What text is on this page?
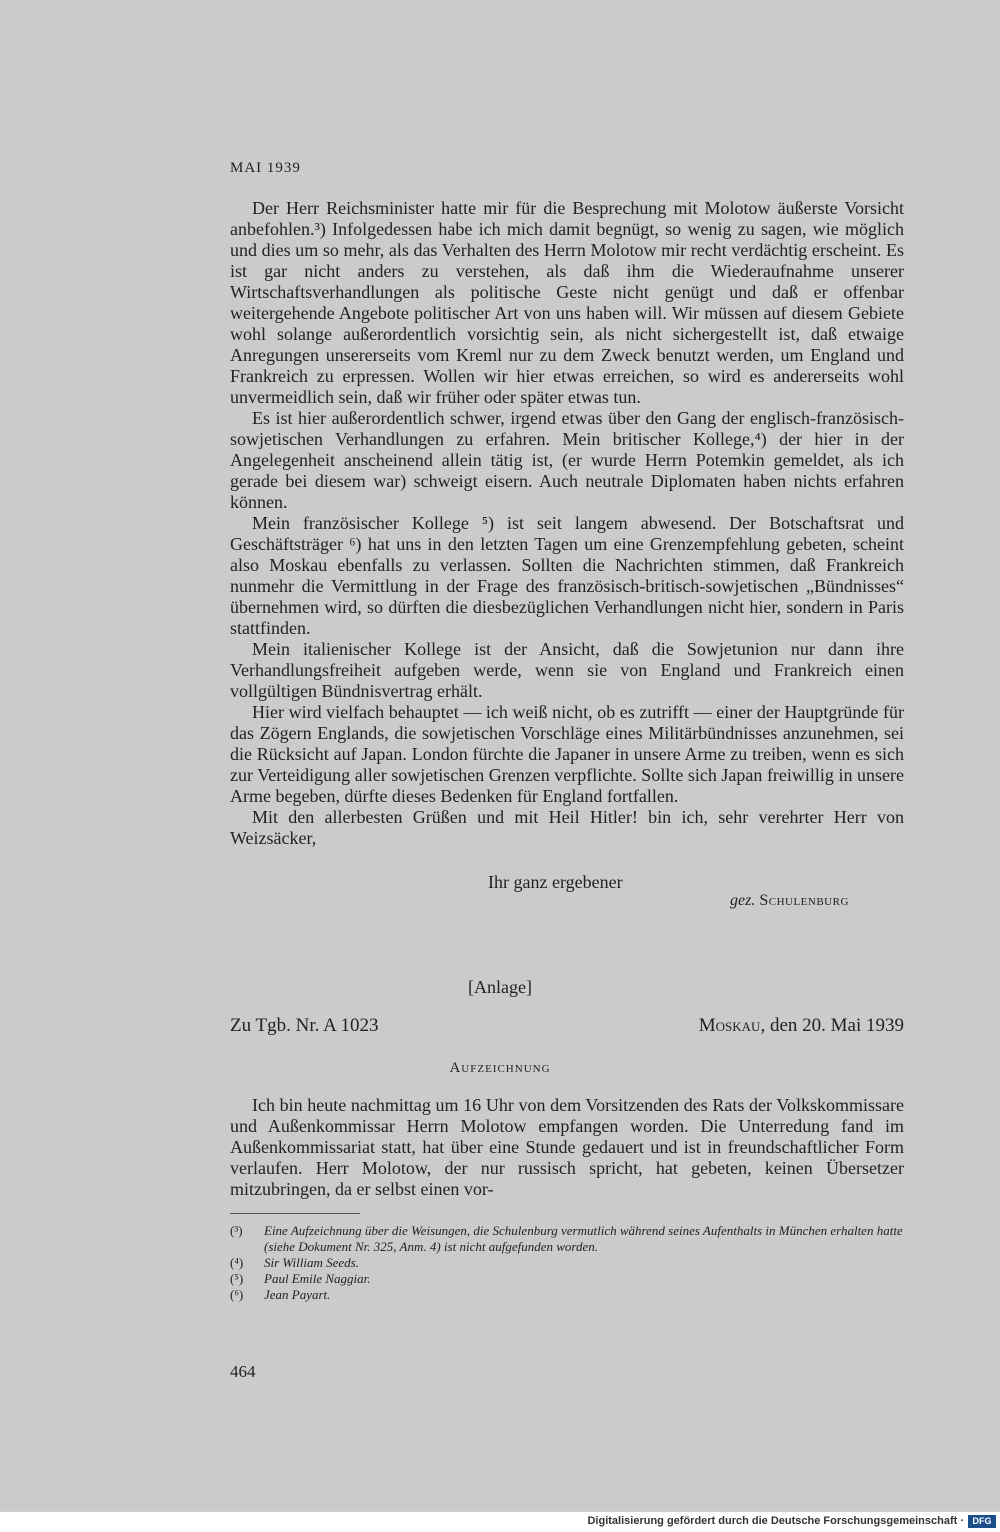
MAI 1939

Der Herr Reichsminister hatte mir für die Besprechung mit Molotow äußerste Vorsicht anbefohlen.³) Infolgedessen habe ich mich damit begnügt, so wenig zu sagen, wie möglich und dies um so mehr, als das Verhalten des Herrn Molotow mir recht verdächtig erscheint. Es ist gar nicht anders zu verstehen, als daß ihm die Wiederaufnahme unserer Wirtschaftsverhandlungen als politische Geste nicht genügt und daß er offenbar weitergehende Angebote politischer Art von uns haben will. Wir müssen auf diesem Gebiete wohl solange außerordentlich vorsichtig sein, als nicht sichergestellt ist, daß etwaige Anregungen unsererseits vom Kreml nur zu dem Zweck benutzt werden, um England und Frankreich zu erpressen. Wollen wir hier etwas erreichen, so wird es andererseits wohl unvermeidlich sein, daß wir früher oder später etwas tun.

Es ist hier außerordentlich schwer, irgend etwas über den Gang der englisch-französisch-sowjetischen Verhandlungen zu erfahren. Mein britischer Kollege,⁴) der hier in der Angelegenheit anscheinend allein tätig ist, (er wurde Herrn Potemkin gemeldet, als ich gerade bei diesem war) schweigt eisern. Auch neutrale Diplomaten haben nichts erfahren können.

Mein französischer Kollege ⁵) ist seit langem abwesend. Der Botschaftsrat und Geschäftsträger ⁶) hat uns in den letzten Tagen um eine Grenzempfehlung gebeten, scheint also Moskau ebenfalls zu verlassen. Sollten die Nachrichten stimmen, daß Frankreich nunmehr die Vermittlung in der Frage des französisch-britisch-sowjetischen „Bündnisses“ übernehmen wird, so dürften die diesbezüglichen Verhandlungen nicht hier, sondern in Paris stattfinden.

Mein italienischer Kollege ist der Ansicht, daß die Sowjetunion nur dann ihre Verhandlungsfreiheit aufgeben werde, wenn sie von England und Frankreich einen vollgültigen Bündnisvertrag erhält.

Hier wird vielfach behauptet — ich weiß nicht, ob es zutrifft — einer der Hauptgründe für das Zögern Englands, die sowjetischen Vorschläge eines Militärbündnisses anzunehmen, sei die Rücksicht auf Japan. London fürchte die Japaner in unsere Arme zu treiben, wenn es sich zur Verteidigung aller sowjetischen Grenzen verpflichte. Sollte sich Japan freiwillig in unsere Arme begeben, dürfte dieses Bedenken für England fortfallen.

Mit den allerbesten Grüßen und mit Heil Hitler! bin ich, sehr verehrter Herr von Weizsäcker,

Ihr ganz ergebener
gez. Schulenburg
[Anlage]
Zu Tgb. Nr. A 1023	Moskau, den 20. Mai 1939
Aufzeichnung

Ich bin heute nachmittag um 16 Uhr von dem Vorsitzenden des Rats der Volkskommissare und Außenkommissar Herrn Molotow empfangen worden. Die Unterredung fand im Außenkommissariat statt, hat über eine Stunde gedauert und ist in freundschaftlicher Form verlaufen. Herr Molotow, der nur russisch spricht, hat gebeten, keinen Übersetzer mitzubringen, da er selbst einen vor-

(³)	Eine Aufzeichnung über die Weisungen, die Schulenburg vermutlich während seines Aufenthalts in München erhalten hatte (siehe Dokument Nr. 325, Anm. 4) ist nicht aufgefunden worden.
(⁴)	Sir William Seeds.
(⁵)	Paul Emile Naggiar.
(⁶)	Jean Payart.
464
Digitalisierung gefördert durch die Deutsche Forschungsgemeinschaft · DFG
